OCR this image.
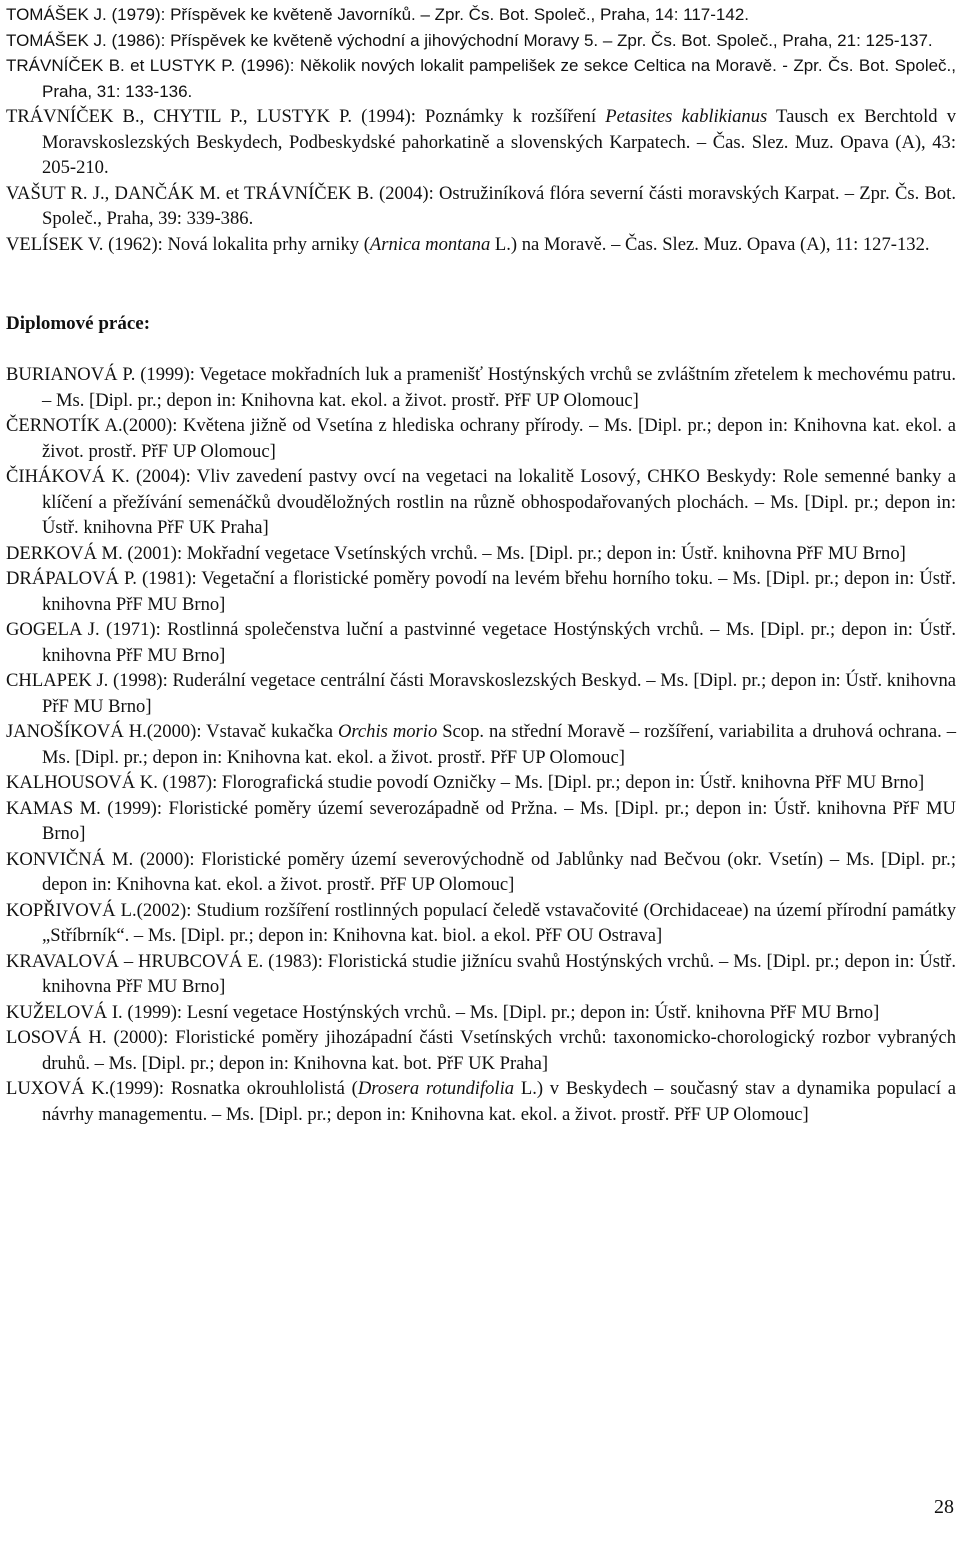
TOMÁŠEK J. (1979): Příspěvek ke květeně Javorníků. – Zpr. Čs. Bot. Společ., Praha, 14: 117-142.

TOMÁŠEK J. (1986): Příspěvek ke květeně východní a jihovýchodní Moravy 5. – Zpr. Čs. Bot. Společ., Praha, 21: 125-137.

TRÁVNÍČEK B. et LUSTYK P. (1996): Několik nových lokalit pampelišek ze sekce Celtica na Moravě. - Zpr. Čs. Bot. Společ., Praha, 31: 133-136.

TRÁVNÍČEK B., CHYTIL P., LUSTYK P. (1994): Poznámky k rozšíření Petasites kablikianus Tausch ex Berchtold v Moravskoslezských Beskydech, Podbeskydské pahorkatině a slovenských Karpatech. – Čas. Slez. Muz. Opava (A), 43: 205-210.

VAŠUT R. J., DANČÁK M. et TRÁVNÍČEK B. (2004): Ostružiníková flóra severní části moravských Karpat. – Zpr. Čs. Bot. Společ., Praha, 39: 339-386.

VELÍSEK V. (1962): Nová lokalita prhy arniky (Arnica montana L.) na Moravě. – Čas. Slez. Muz. Opava (A), 11: 127-132.

Diplomové práce:

BURIANOVÁ P. (1999): Vegetace mokřadních luk a pramenišť Hostýnských vrchů se zvláštním zřetelem k mechovému patru. – Ms. [Dipl. pr.; depon in: Knihovna kat. ekol. a život. prostř. PřF UP Olomouc]

ČERNOTÍK A.(2000): Květena jižně od Vsetína z hlediska ochrany přírody. – Ms. [Dipl. pr.; depon in: Knihovna kat. ekol. a život. prostř. PřF UP Olomouc]

ČIHÁKOVÁ K. (2004): Vliv zavedení pastvy ovcí na vegetaci na lokalitě Losový, CHKO Beskydy: Role semenné banky a klíčení a přežívání semenáčků dvouděložných rostlin na různě obhospodařovaných plochách. – Ms. [Dipl. pr.; depon in: Ústř. knihovna PřF UK Praha]

DERKOVÁ M. (2001): Mokřadní vegetace Vsetínských vrchů. – Ms. [Dipl. pr.; depon in: Ústř. knihovna PřF MU Brno]

DRÁPALOVÁ P. (1981): Vegetační a floristické poměry povodí na levém břehu horního toku. – Ms. [Dipl. pr.; depon in: Ústř. knihovna PřF MU Brno]

GOGELA J. (1971): Rostlinná společenstva luční a pastvinné vegetace Hostýnských vrchů. – Ms. [Dipl. pr.; depon in: Ústř. knihovna PřF MU Brno]

CHLAPEK J. (1998): Ruderální vegetace centrální části Moravskoslezských Beskyd. – Ms. [Dipl. pr.; depon in: Ústř. knihovna PřF MU Brno]

JANOŠÍKOVÁ H.(2000): Vstavač kukačka Orchis morio Scop. na střední Moravě – rozšíření, variabilita a druhová ochrana. – Ms. [Dipl. pr.; depon in: Knihovna kat. ekol. a život. prostř. PřF UP Olomouc]

KALHOUSOVÁ K. (1987): Florografická studie povodí Ozničky – Ms. [Dipl. pr.; depon in: Ústř. knihovna PřF MU Brno]

KAMAS M. (1999): Floristické poměry území severozápadně od Pržna. – Ms. [Dipl. pr.; depon in: Ústř. knihovna PřF MU Brno]

KONVIČNÁ M. (2000): Floristické poměry území severovýchodně od Jablůnky nad Bečvou (okr. Vsetín) – Ms. [Dipl. pr.; depon in: Knihovna kat. ekol. a život. prostř. PřF UP Olomouc]

KOPŘIVOVÁ L.(2002): Studium rozšíření rostlinných populací čeledě vstavačovité (Orchidaceae) na území přírodní památky „Stříbrník“. – Ms. [Dipl. pr.; depon in: Knihovna kat. biol. a ekol. PřF OU Ostrava]

KRAVALOVÁ – HRUBCOVÁ E. (1983): Floristická studie jižnícu svahů Hostýnských vrchů. – Ms. [Dipl. pr.; depon in: Ústř. knihovna PřF MU Brno]

KUŽELOVÁ I. (1999): Lesní vegetace Hostýnských vrchů. – Ms. [Dipl. pr.; depon in: Ústř. knihovna PřF MU Brno]

LOSOVÁ H. (2000): Floristické poměry jihozápadní části Vsetínských vrchů: taxonomicko-chorologický rozbor vybraných druhů. – Ms. [Dipl. pr.; depon in: Knihovna kat. bot. PřF UK Praha]

LUXOVÁ K.(1999): Rosnatka okrouhlolistá (Drosera rotundifolia L.) v Beskydech – současný stav a dynamika populací a návrhy managementu. – Ms. [Dipl. pr.; depon in: Knihovna kat. ekol. a život. prostř. PřF UP Olomouc]

28
